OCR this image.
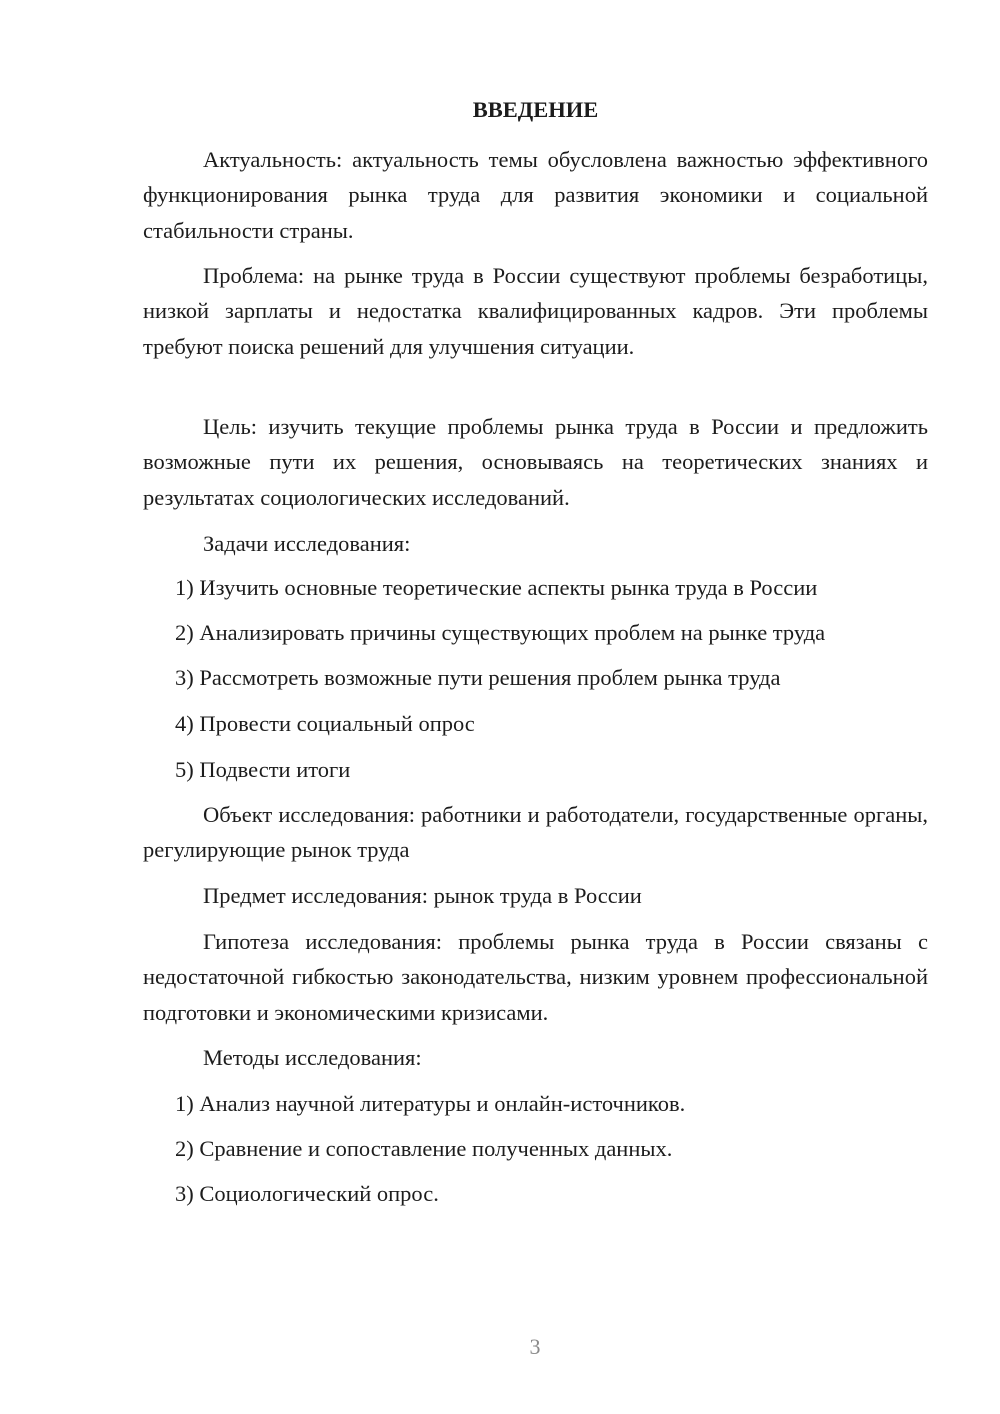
ВВЕДЕНИЕ

Актуальность: актуальность темы обусловлена важностью эффективного функционирования рынка труда для развития экономики и социальной стабильности страны.

Проблема: на рынке труда в России существуют проблемы безработицы, низкой зарплаты и недостатка квалифицированных кадров. Эти проблемы требуют поиска решений для улучшения ситуации.

Цель: изучить текущие проблемы рынка труда в России и предложить возможные пути их решения, основываясь на теоретических знаниях и результатах социологических исследований.

Задачи исследования:

1) Изучить основные теоретические аспекты рынка труда в России

2) Анализировать причины существующих проблем на рынке труда

3) Рассмотреть возможные пути решения проблем рынка труда

4) Провести социальный опрос

5) Подвести итоги

Объект исследования: работники и работодатели, государственные органы, регулирующие рынок труда

Предмет исследования: рынок труда в России

Гипотеза исследования: проблемы рынка труда в России связаны с недостаточной гибкостью законодательства, низким уровнем профессиональной подготовки и экономическими кризисами.

Методы исследования:

1) Анализ научной литературы и онлайн-источников.

2) Сравнение и сопоставление полученных данных.

3) Социологический опрос.

3
